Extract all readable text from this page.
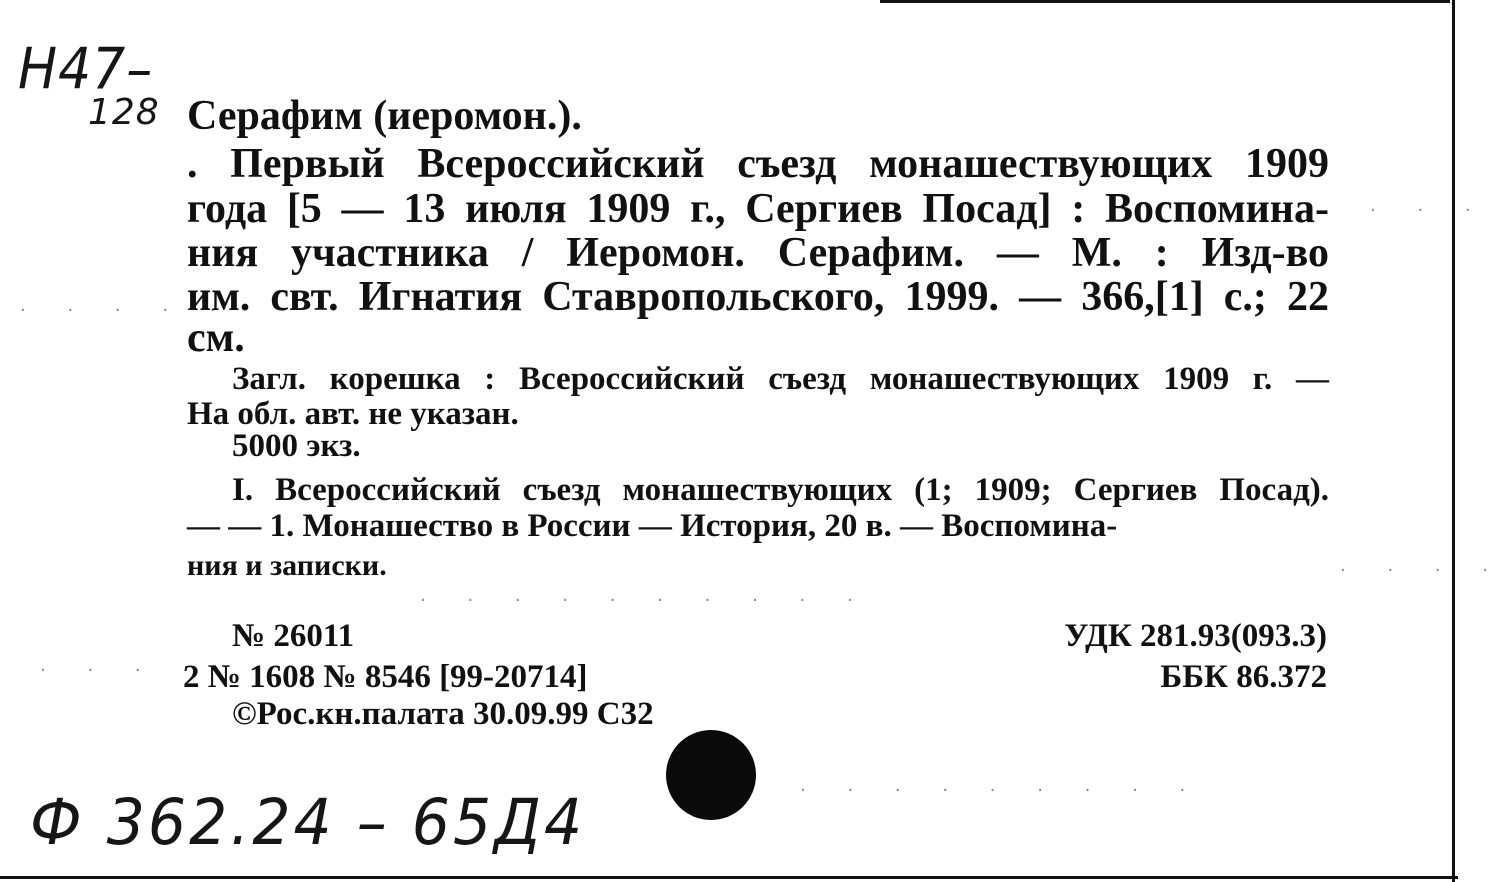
· · · · ·
· · ·
· · · ·
· · · · · · · · · ·
· · · ·
· · · · · · · · ·
Н47–
128 Серафим (иеромон.).
. Первый Всероссийский съезд монашествующих 1909
года [5 — 13 июля 1909 г., Сергиев Посад] : Воспомина-
ния участника / Иеромон. Серафим. — М. : Изд-во
им. свт. Игнатия Ставропольского, 1999. — 366,[1] с.; 22
см.
Загл. корешка : Всероссийский съезд монашествующих 1909 г. —
На обл. авт. не указан.
5000 экз.
I. Всероссийский съезд монашествующих (1; 1909; Сергиев Посад).
— — 1. Монашество в России — История, 20 в. — Воспомина-
ния и записки.
№ 26011
2 № 1608 № 8546 [99-20714]
©Рос.кн.палата 30.09.99 С32
УДК 281.93(093.3)
ББК 86.372
Ф 362.24 – 65Д4
